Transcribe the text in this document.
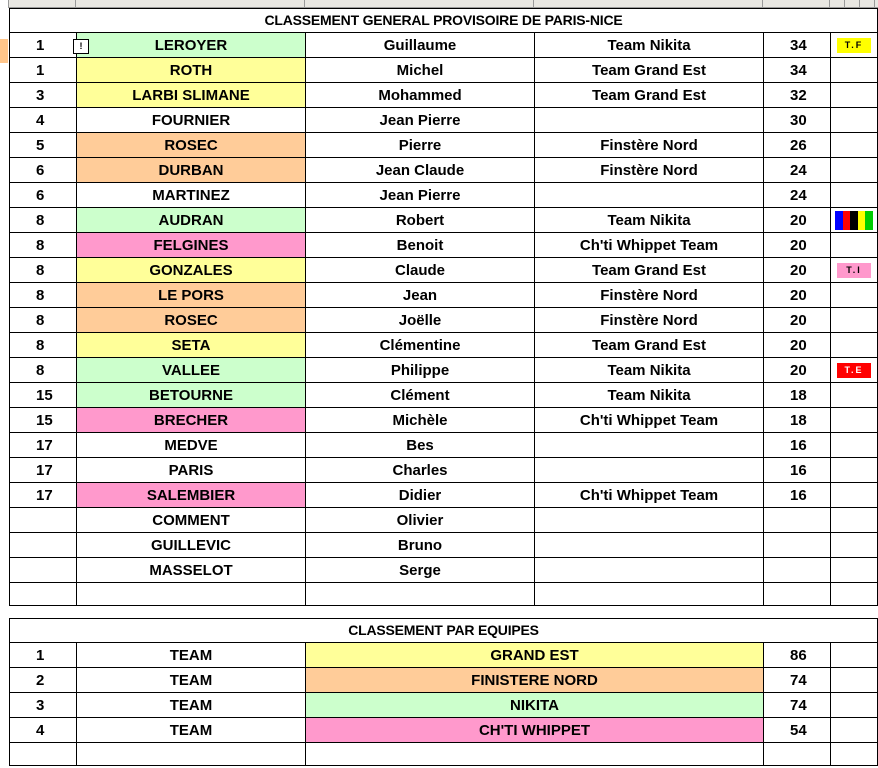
CLASSEMENT GENERAL PROVISOIRE DE PARIS-NICE					
1	LEROYER	Guillaume	Team Nikita	34	T.F
1	ROTH	Michel	Team Grand Est	34	
3	LARBI SLIMANE	Mohammed	Team Grand Est	32	
4	FOURNIER	Jean Pierre		30	
5	ROSEC	Pierre	Finstère Nord	26	
6	DURBAN	Jean Claude	Finstère Nord	24	
6	MARTINEZ	Jean Pierre		24	
8	AUDRAN	Robert	Team Nikita	20	

8	FELGINES	Benoit	Ch'ti Whippet Team	20	
8	GONZALES	Claude	Team Grand Est	20	T.I
8	LE PORS	Jean	Finstère Nord	20	
8	ROSEC	Joëlle	Finstère Nord	20	
8	SETA	Clémentine	Team Grand Est	20	
8	VALLEE	Philippe	Team Nikita	20	T.E
15	BETOURNE	Clément	Team Nikita	18	
15	BRECHER	Michèle	Ch'ti Whippet Team	18	
17	MEDVE	Bes		16	
17	PARIS	Charles		16	
17	SALEMBIER	Didier	Ch'ti Whippet Team	16	
	COMMENT	Olivier			
	GUILLEVIC	Bruno			
	MASSELOT	Serge			

CLASSEMENT PAR EQUIPES					
1	TEAM	GRAND EST		86	
2	TEAM	FINISTERE NORD		74	
3	TEAM	NIKITA		74	
4	TEAM	CH'TI WHIPPET		54	

!
